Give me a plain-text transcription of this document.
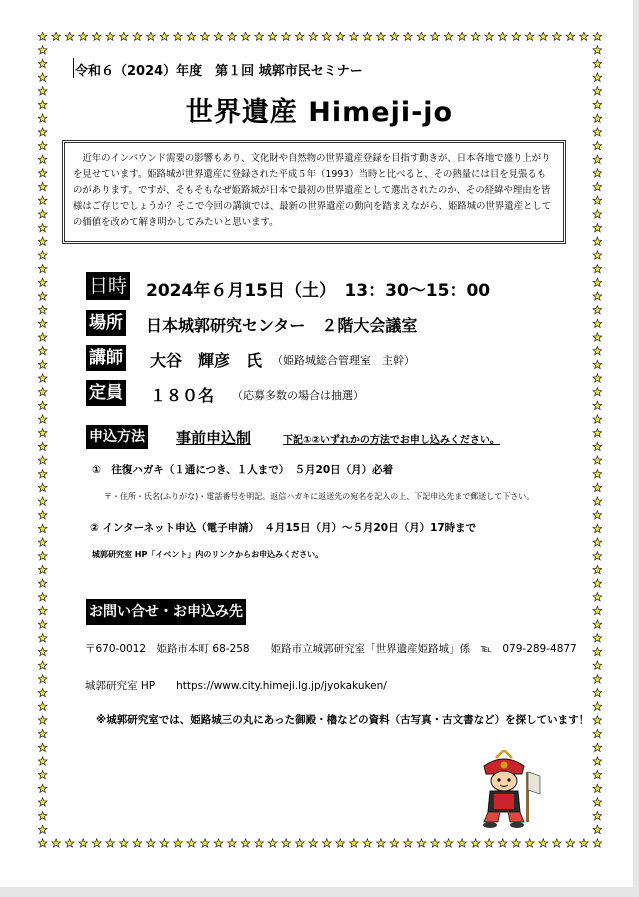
令和６（2024）年度　第１回 城郭市民セミナー
世界遺産 Himeji-jo
近年のインバウンド需要の影響もあり、文化財や自然物の世界遺産登録を目指す動きが、日本各地で盛り上がりを見せています。姫路城が世界遺産に登録された平成５年（1993）当時と比べると、その熱量には目を見張るものがあります。ですが、そもそもなぜ姫路城が日本で最初の世界遺産として選出されたのか、その経緯や理由を皆様はご存じでしょうか？そこで今回の講演では、最新の世界遺産の動向を踏まえながら、姫路城の世界遺産としての価値を改めて解き明かしてみたいと思います。
日時 2024年６月15日（土）　13：30～15：00
場所 日本城郭研究センター　２階大会議室
講師 大谷　輝彦　氏 （姫路城総合管理室　主幹）
定員 １８０名 （応募多数の場合は抽選）
申込方法 事前申込制	下記①②いずれかの方法でお申し込みください。
①　往復ハガキ（１通につき、１人まで）　５月20日（月）必着
〒・住所・氏名(ふりがな)・電話番号を明記。返信ハガキに返送先の宛名を記入の上、下記申込先まで郵送して下さい。
② インターネット申込（電子申請）　４月15日（月）～５月20日（月）17時まで
城郭研究室 HP「イベント」内のリンクからお申込みください。
お問い合せ・お申込み先
〒670-0012　姫路市本町 68-258　　姫路市立城郭研究室「世界遺産姫路城」係　℡　079-289-4877
城郭研究室 HP　　https://www.city.himeji.lg.jp/jyokakuken/
※城郭研究室では、姫路城三の丸にあった御殿・櫓などの資料（古写真・古文書など）を探しています！
